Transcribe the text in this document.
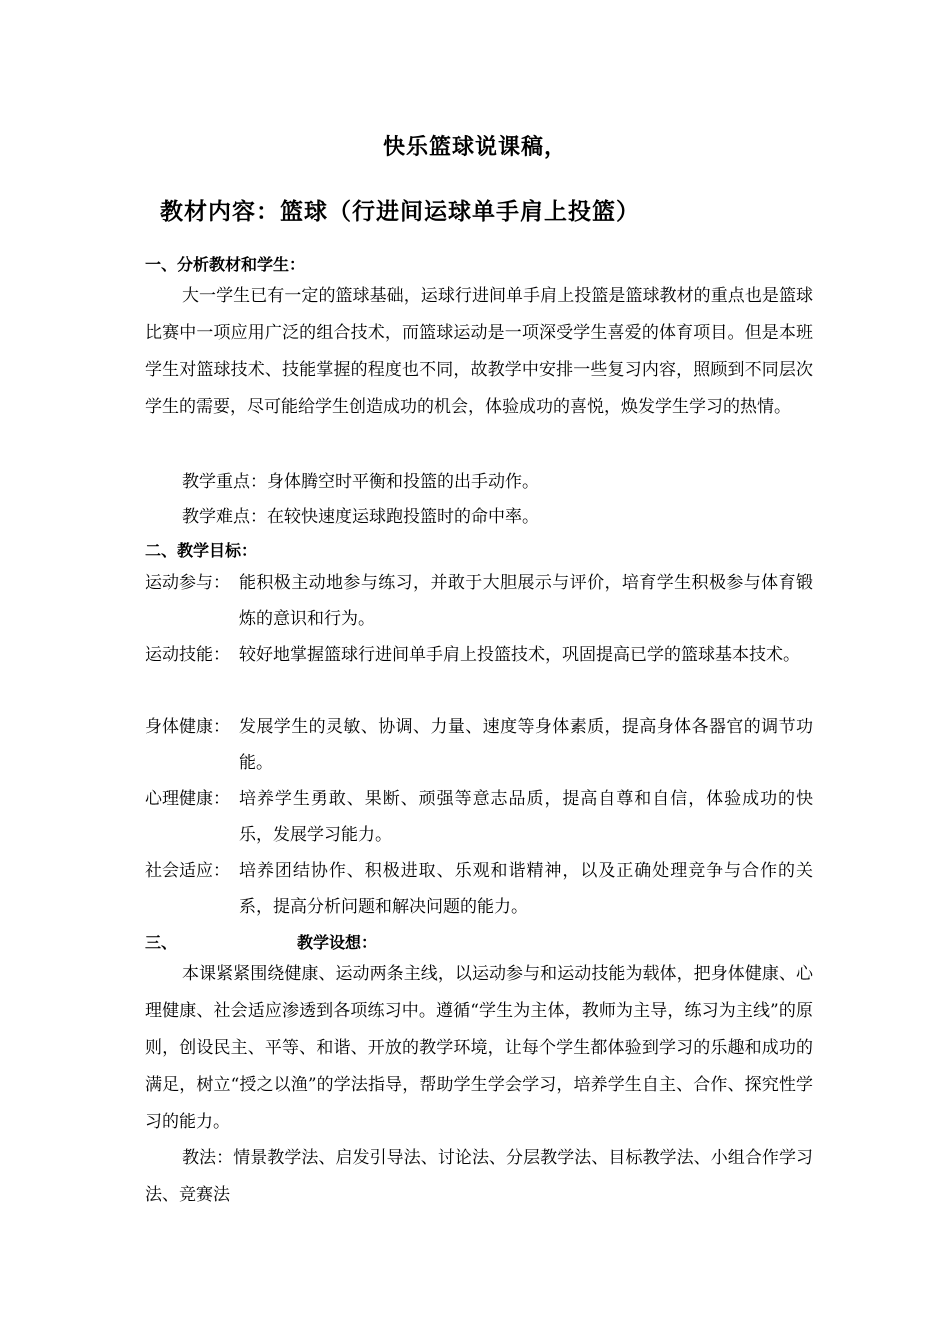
快乐篮球说课稿，
教材内容：篮球（行进间运球单手肩上投篮）
一、分析教材和学生：
大一学生已有一定的篮球基础，运球行进间单手肩上投篮是篮球教材的重点也是篮球比赛中一项应用广泛的组合技术，而篮球运动是一项深受学生喜爱的体育项目。但是本班学生对篮球技术、技能掌握的程度也不同，故教学中安排一些复习内容，照顾到不同层次学生的需要，尽可能给学生创造成功的机会，体验成功的喜悦，焕发学生学习的热情。
教学重点：身体腾空时平衡和投篮的出手动作。
教学难点：在较快速度运球跑投篮时的命中率。
二、教学目标：
运动参与： 能积极主动地参与练习，并敢于大胆展示与评价，培育学生积极参与体育锻炼的意识和行为。
运动技能： 较好地掌握篮球行进间单手肩上投篮技术，巩固提高已学的篮球基本技术。
身体健康： 发展学生的灵敏、协调、力量、速度等身体素质，提高身体各器官的调节功能。
心理健康： 培养学生勇敢、果断、顽强等意志品质，提高自尊和自信，体验成功的快乐，发展学习能力。
社会适应： 培养团结协作、积极进取、乐观和谐精神，以及正确处理竞争与合作的关系，提高分析问题和解决问题的能力。
三、	教学设想：
本课紧紧围绕健康、运动两条主线，以运动参与和运动技能为载体，把身体健康、心理健康、社会适应渗透到各项练习中。遵循“学生为主体，教师为主导，练习为主线”的原则，创设民主、平等、和谐、开放的教学环境，让每个学生都体验到学习的乐趣和成功的满足，树立“授之以渔”的学法指导，帮助学生学会学习，培养学生自主、合作、探究性学习的能力。
教法：情景教学法、启发引导法、讨论法、分层教学法、目标教学法、小组合作学习法、竞赛法
